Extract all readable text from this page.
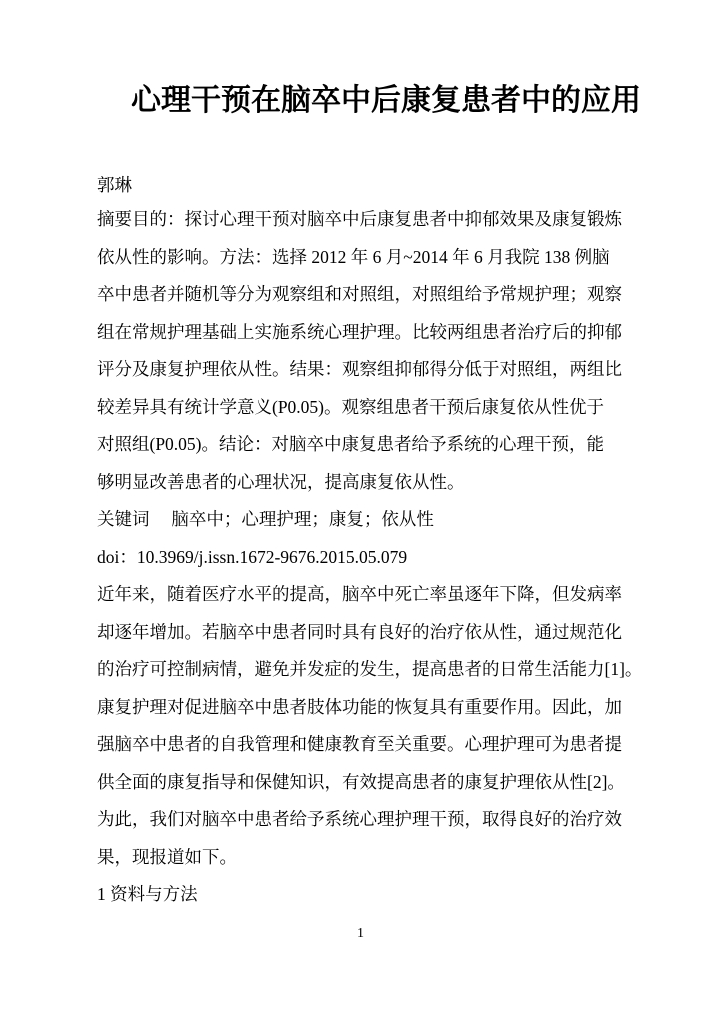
心理干预在脑卒中后康复患者中的应用
郭琳
摘要目的：探讨心理干预对脑卒中后康复患者中抑郁效果及康复锻炼
依从性的影响。方法：选择 2012 年 6 月~2014 年 6 月我院 138 例脑
卒中患者并随机等分为观察组和对照组，对照组给予常规护理；观察
组在常规护理基础上实施系统心理护理。比较两组患者治疗后的抑郁
评分及康复护理依从性。结果：观察组抑郁得分低于对照组，两组比
较差异具有统计学意义(P0.05)。观察组患者干预后康复依从性优于
对照组(P0.05)。结论：对脑卒中康复患者给予系统的心理干预，能
够明显改善患者的心理状况，提高康复依从性。
关键词　 脑卒中；心理护理；康复；依从性
doi：10.3969/j.issn.1672-9676.2015.05.079
近年来，随着医疗水平的提高，脑卒中死亡率虽逐年下降，但发病率
却逐年增加。若脑卒中患者同时具有良好的治疗依从性，通过规范化
的治疗可控制病情，避免并发症的发生，提高患者的日常生活能力[1]。
康复护理对促进脑卒中患者肢体功能的恢复具有重要作用。因此，加
强脑卒中患者的自我管理和健康教育至关重要。心理护理可为患者提
供全面的康复指导和保健知识，有效提高患者的康复护理依从性[2]。
为此，我们对脑卒中患者给予系统心理护理干预，取得良好的治疗效
果，现报道如下。
1 资料与方法
1
